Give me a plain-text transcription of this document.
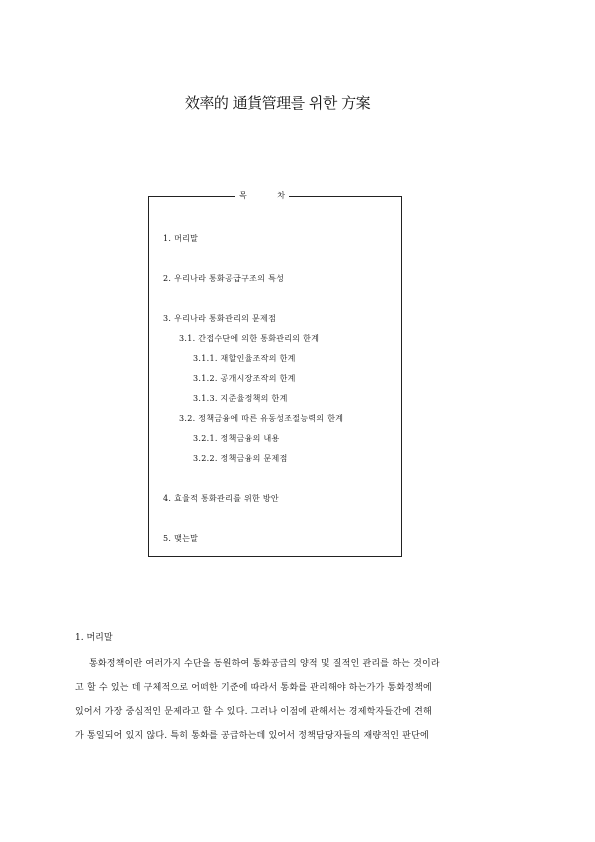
效率的 通貨管理를 위한 方案
목	차
1. 머리말
2. 우리나라 통화공급구조의 특성
3. 우리나라 통화관리의 문제점
3.1. 간접수단에 의한 통화관리의 한계
3.1.1. 재할인율조작의 한계
3.1.2. 공개시장조작의 한계
3.1.3. 지준율정책의 한계
3.2. 정책금융에 따른 유동성조절능력의 한계
3.2.1. 정책금융의 내용
3.2.2. 정책금융의 문제점
4. 효율적 통화관리를 위한 방안
5. 맺는말
1. 머리말
통화정책이란 여러가지 수단을 동원하여 통화공급의 양적 및 질적인 관리를 하는 것이라
고 할 수 있는 데 구체적으로 어떠한 기준에 따라서 통화를 관리해야 하는가가 통화정책에
있어서 가장 중심적인 문제라고 할 수 있다. 그러나 이점에 관해서는 경제학자들간에 견해
가 통일되어 있지 않다. 특히 통화를 공급하는데 있어서 정책담당자들의 재량적인 판단에
